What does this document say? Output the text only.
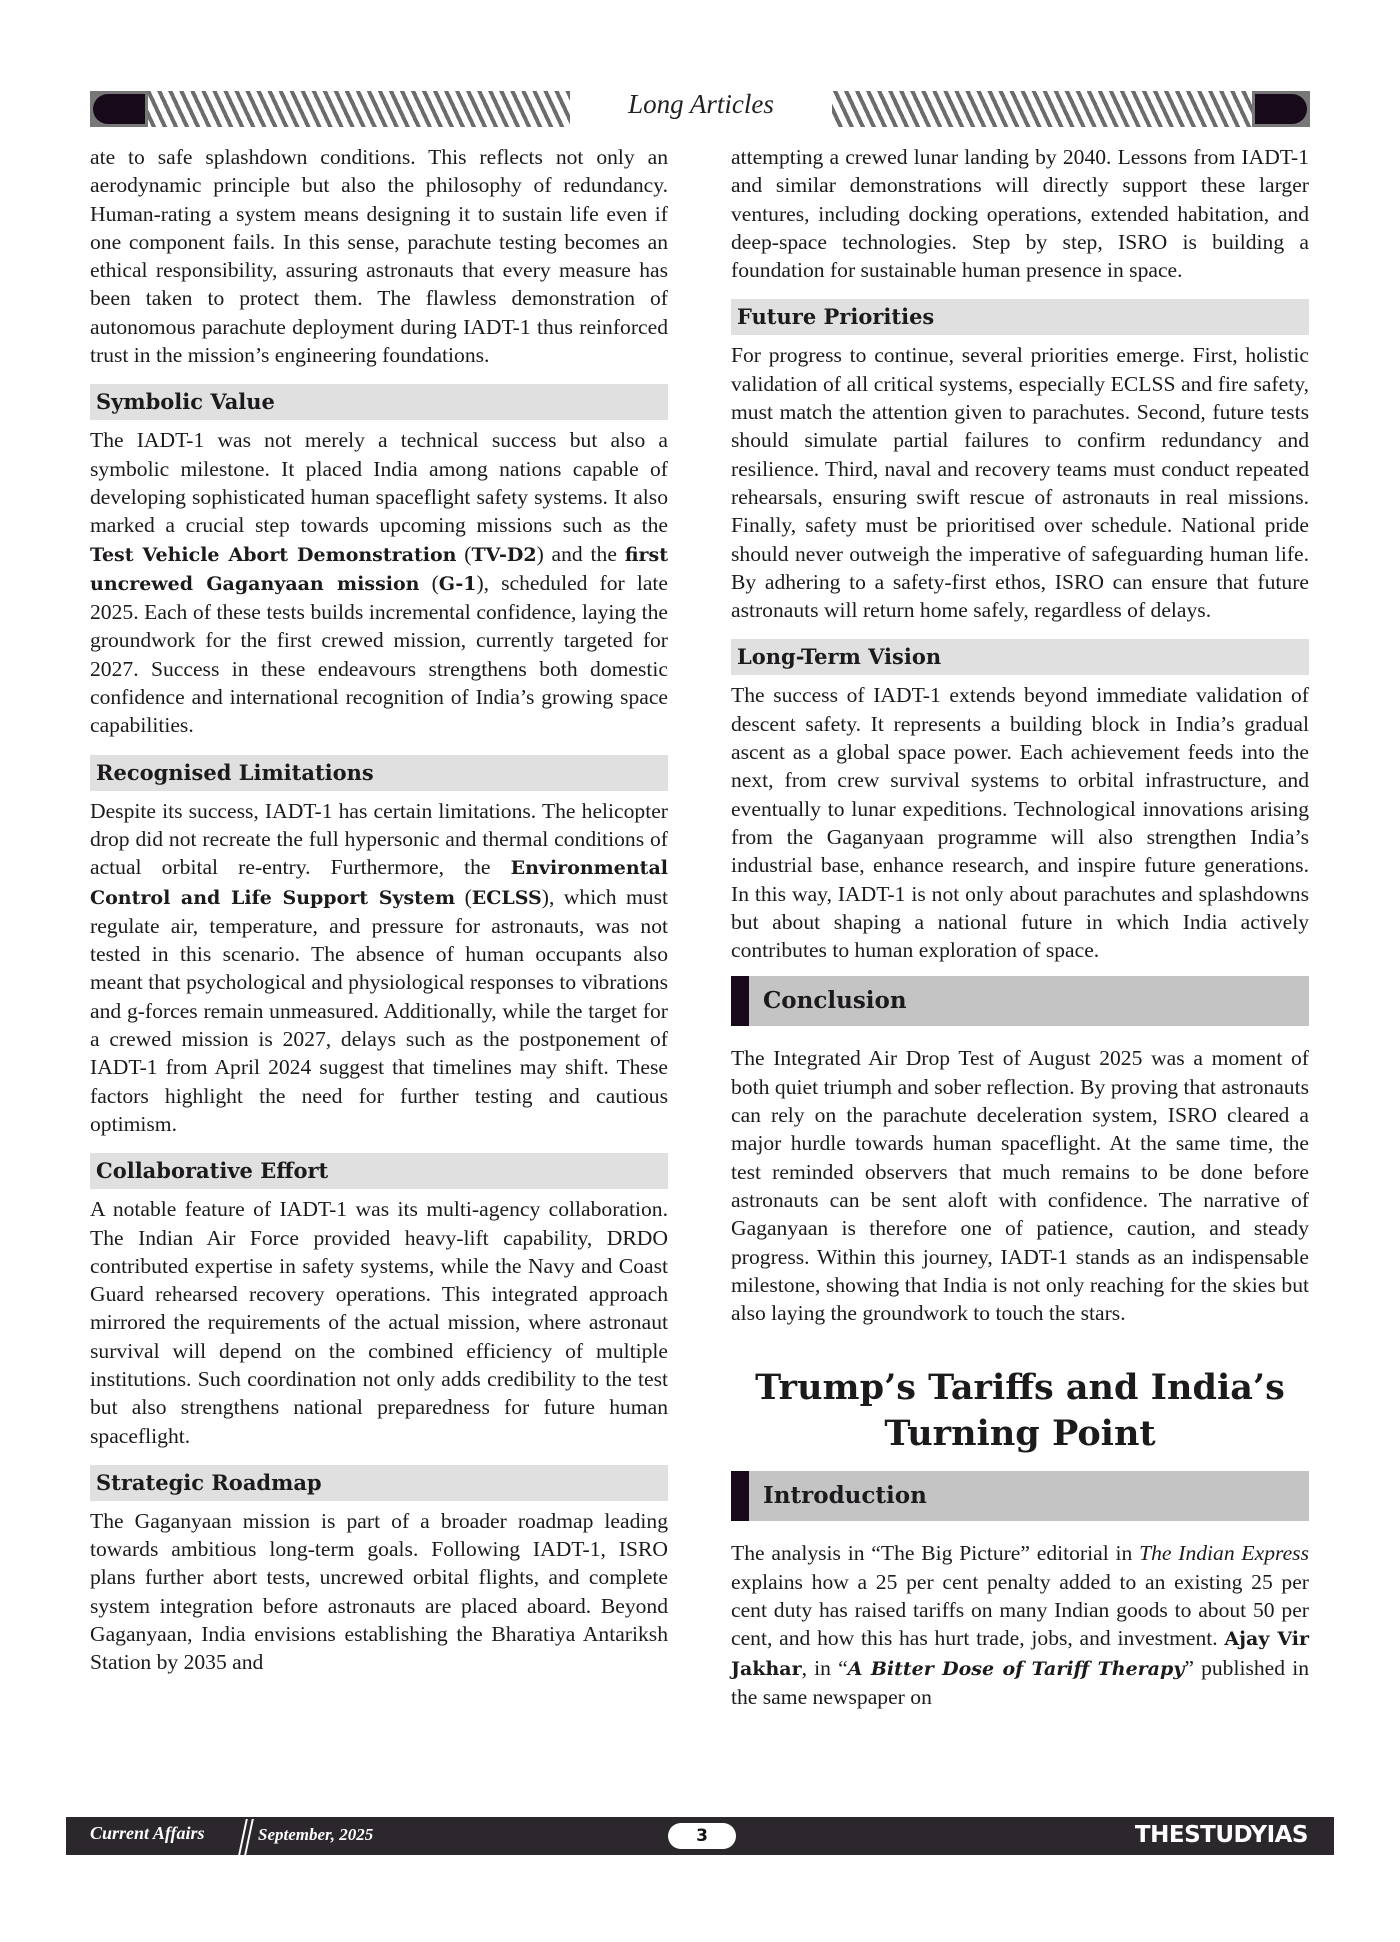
Long Articles

ate to safe splashdown conditions. This reflects not only an aerodynamic principle but also the philosophy of redundancy. Human-rating a system means designing it to sustain life even if one component fails. In this sense, parachute testing becomes an ethical responsibility, assuring astronauts that every measure has been taken to protect them. The flawless demonstration of autonomous parachute deployment during IADT-1 thus reinforced trust in the mission’s engineering foundations.

Symbolic Value

The IADT-1 was not merely a technical success but also a symbolic milestone. It placed India among nations capable of developing sophisticated human spaceflight safety systems. It also marked a crucial step towards upcoming missions such as the Test Vehicle Abort Demonstration (TV-D2) and the first uncrewed Gaganyaan mission (G-1), scheduled for late 2025. Each of these tests builds incremental confidence, laying the groundwork for the first crewed mission, currently targeted for 2027. Success in these endeavours strengthens both domestic confidence and international recognition of India’s growing space capabilities.

Recognised Limitations

Despite its success, IADT-1 has certain limitations. The helicopter drop did not recreate the full hypersonic and thermal conditions of actual orbital re-entry. Furthermore, the Environmental Control and Life Support System (ECLSS), which must regulate air, temperature, and pressure for astronauts, was not tested in this scenario. The absence of human occupants also meant that psychological and physiological responses to vibrations and g-forces remain unmeasured. Additionally, while the target for a crewed mission is 2027, delays such as the postponement of IADT-1 from April 2024 suggest that timelines may shift. These factors highlight the need for further testing and cautious optimism.

Collaborative Effort

A notable feature of IADT-1 was its multi-agency collaboration. The Indian Air Force provided heavy-lift capability, DRDO contributed expertise in safety systems, while the Navy and Coast Guard rehearsed recovery operations. This integrated approach mirrored the requirements of the actual mission, where astronaut survival will depend on the combined efficiency of multiple institutions. Such coordination not only adds credibility to the test but also strengthens national preparedness for future human spaceflight.

Strategic Roadmap

The Gaganyaan mission is part of a broader roadmap leading towards ambitious long-term goals. Following IADT-1, ISRO plans further abort tests, uncrewed orbital flights, and complete system integration before astronauts are placed aboard. Beyond Gaganyaan, India envisions establishing the Bharatiya Antariksh Station by 2035 and

attempting a crewed lunar landing by 2040. Lessons from IADT-1 and similar demonstrations will directly support these larger ventures, including docking operations, extended habitation, and deep-space technologies. Step by step, ISRO is building a foundation for sustainable human presence in space.

Future Priorities

For progress to continue, several priorities emerge. First, holistic validation of all critical systems, especially ECLSS and fire safety, must match the attention given to parachutes. Second, future tests should simulate partial failures to confirm redundancy and resilience. Third, naval and recovery teams must conduct repeated rehearsals, ensuring swift rescue of astronauts in real missions. Finally, safety must be prioritised over schedule. National pride should never outweigh the imperative of safeguarding human life. By adhering to a safety-first ethos, ISRO can ensure that future astronauts will return home safely, regardless of delays.

Long-Term Vision

The success of IADT-1 extends beyond immediate validation of descent safety. It represents a building block in India’s gradual ascent as a global space power. Each achievement feeds into the next, from crew survival systems to orbital infrastructure, and eventually to lunar expeditions. Technological innovations arising from the Gaganyaan programme will also strengthen India’s industrial base, enhance research, and inspire future generations. In this way, IADT-1 is not only about parachutes and splashdowns but about shaping a national future in which India actively contributes to human exploration of space.

Conclusion

The Integrated Air Drop Test of August 2025 was a moment of both quiet triumph and sober reflection. By proving that astronauts can rely on the parachute deceleration system, ISRO cleared a major hurdle towards human spaceflight. At the same time, the test reminded observers that much remains to be done before astronauts can be sent aloft with confidence. The narrative of Gaganyaan is therefore one of patience, caution, and steady progress. Within this journey, IADT-1 stands as an indispensable milestone, showing that India is not only reaching for the skies but also laying the groundwork to touch the stars.

Trump’s Tariffs and India’s Turning Point
Introduction

The analysis in “The Big Picture” editorial in The Indian Express explains how a 25 per cent penalty added to an existing 25 per cent duty has raised tariffs on many Indian goods to about 50 per cent, and how this has hurt trade, jobs, and investment. Ajay Vir Jakhar, in “A Bitter Dose of Tariff Therapy” published in the same newspaper on

Current Affairs	September, 2025	3	THESTUDYIAS
